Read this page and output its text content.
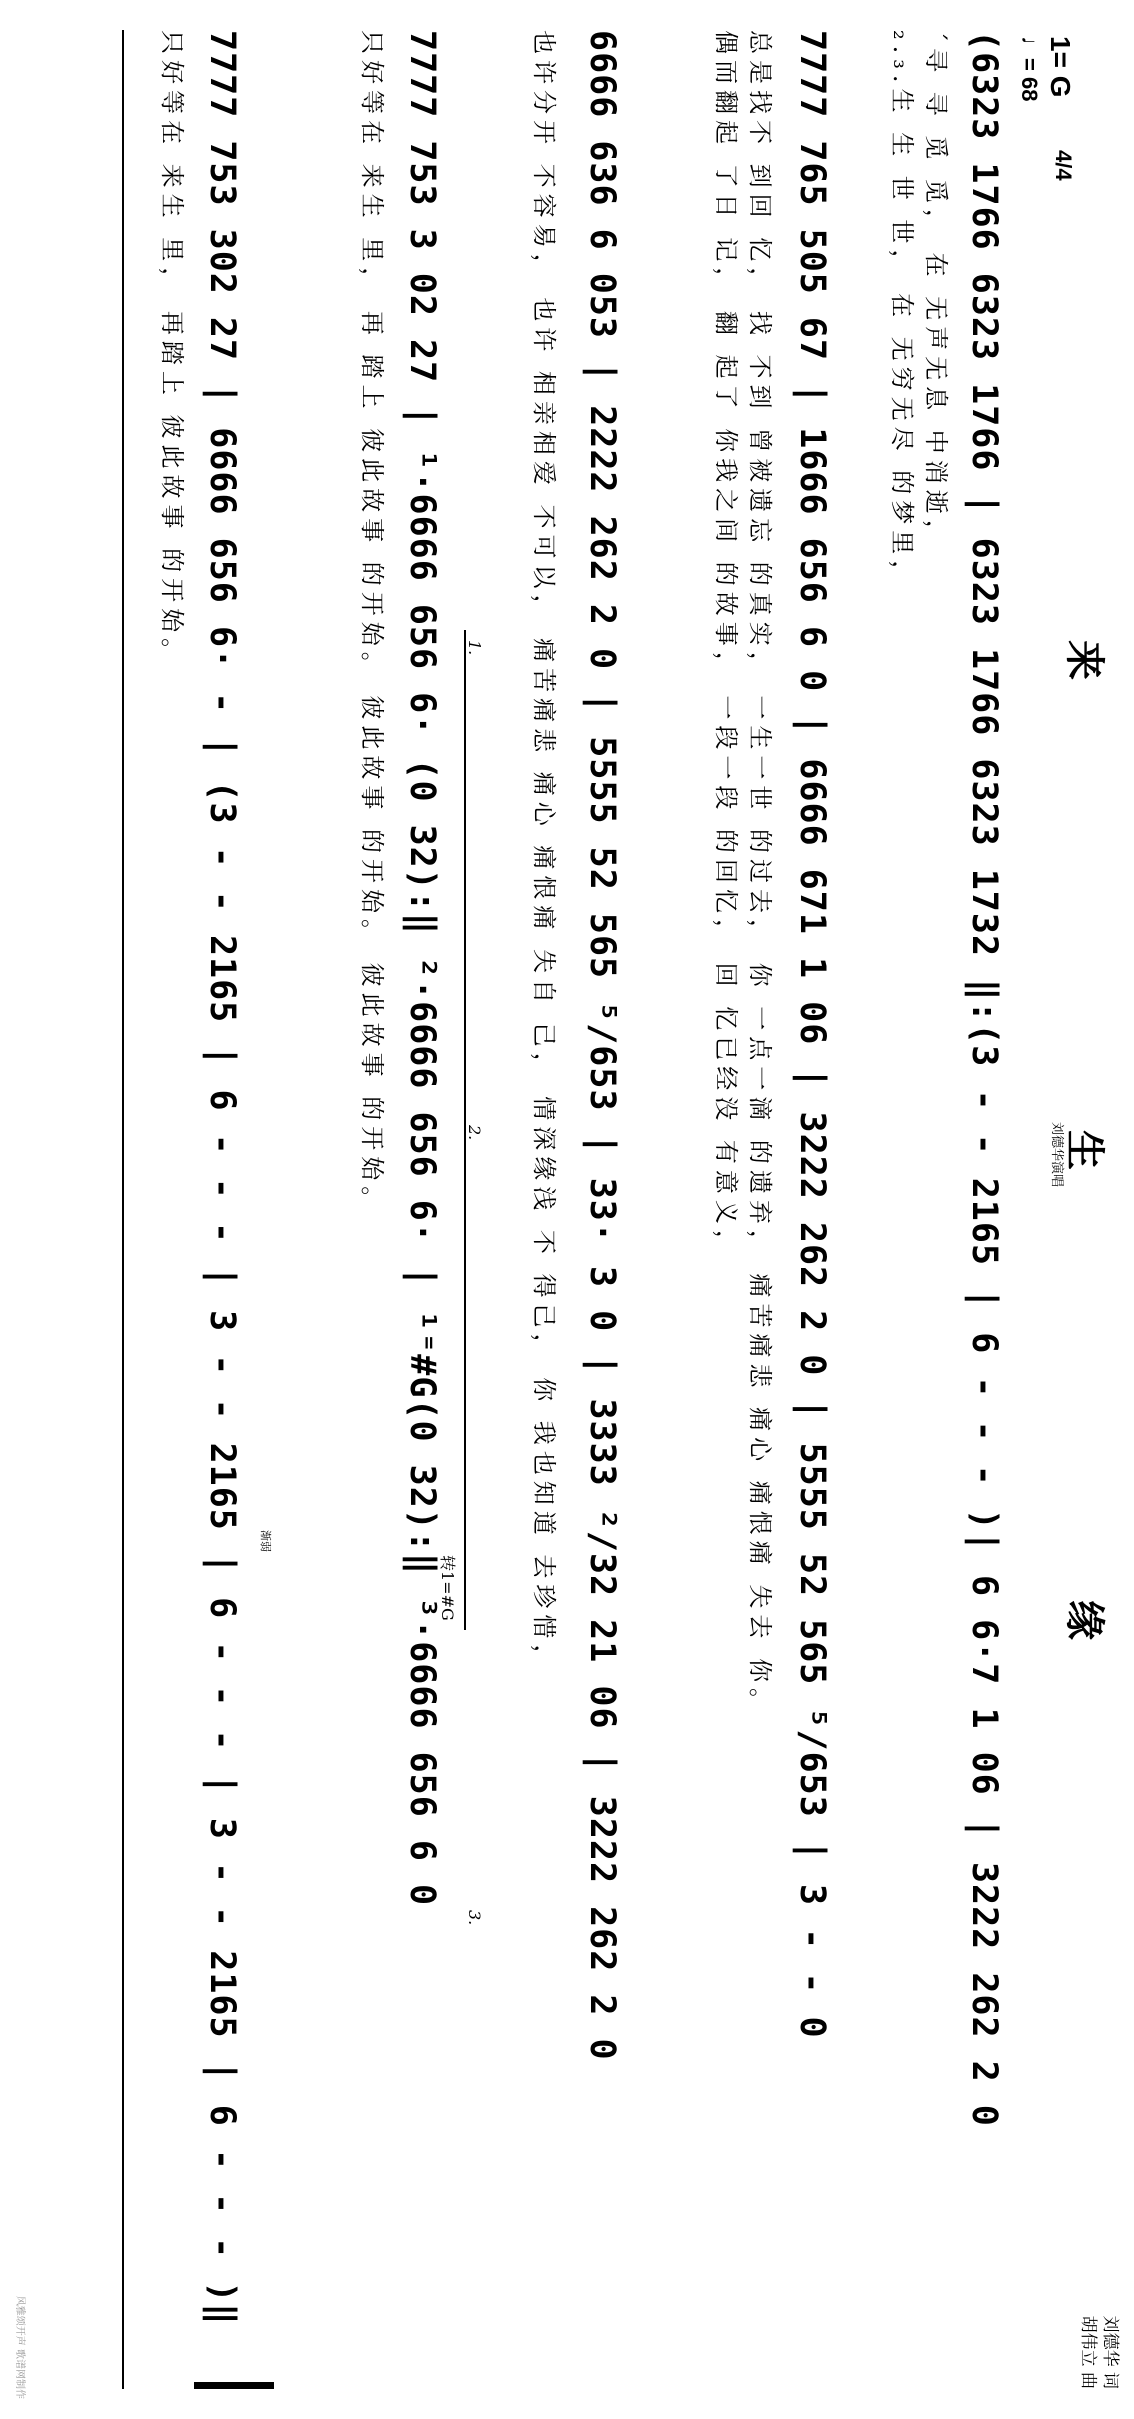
来
生
缘
刘德华演唱
刘德华 词
胡伟立 曲
1= G
4/4
♩= 68
(6323 1766 6323 1766 | 6323 1766 6323 1732 ‖:(3 - - 2165 | 6 - - - )| 6 6·7 1 06 | 3222 262 2 0
ˊ寻 寻 觅 觅， 在 无声无息 中消逝，
₂.₃.生 生 世 世， 在 无穷无尽 的梦里，
7777 765 505 67 | 1666 656 6 0 | 6666 671 1 06 | 3222 262 2 0 | 5555 52 565 ⁵∕653 | 3 - - 0
总是找不 到回 忆， 找 不到 曾被遗忘 的真实， 一生一世 的过去， 你 一点一滴 的遗弃， 痛苦痛悲 痛心 痛恨痛 失去 你。
偶而翻起 了日 记， 翻 起了 你我之间 的故事， 一段一段 的回忆， 回 忆已经没 有意义，
6666 636 6 053 | 2222 262 2 0 | 5555 52 565 ⁵∕653 | 33· 3 0 | 3333 ²∕32 21 06 | 3222 262 2 0
也许分开 不容易， 也许 相亲相爱 不可以， 痛苦痛悲 痛心 痛恨痛 失自 己， 情深缘浅 不 得己， 你 我也知道 去珍惜，
1.
2.
3.
转1=#G
7777 753 3 02 27 | ¹·6666 656 6· (0 32):‖ ²·6666 656 6· | ¹⁼#G(0 32):‖ ³·6666 656 6 0
只好等在 来生 里， 再 踏上 彼此故事 的开始。 彼此故事 的开始。 彼此故事 的开始。
渐弱
7777 753 302 27 | 6666 656 6· - | (3 - - 2165 | 6 - - - | 3 - - 2165 | 6 - - - | 3 - - 2165 | 6 - - - )‖
只好等在 来生 里， 再踏上 彼此故事 的开始。
风雅颂开声 歌谱网制作
